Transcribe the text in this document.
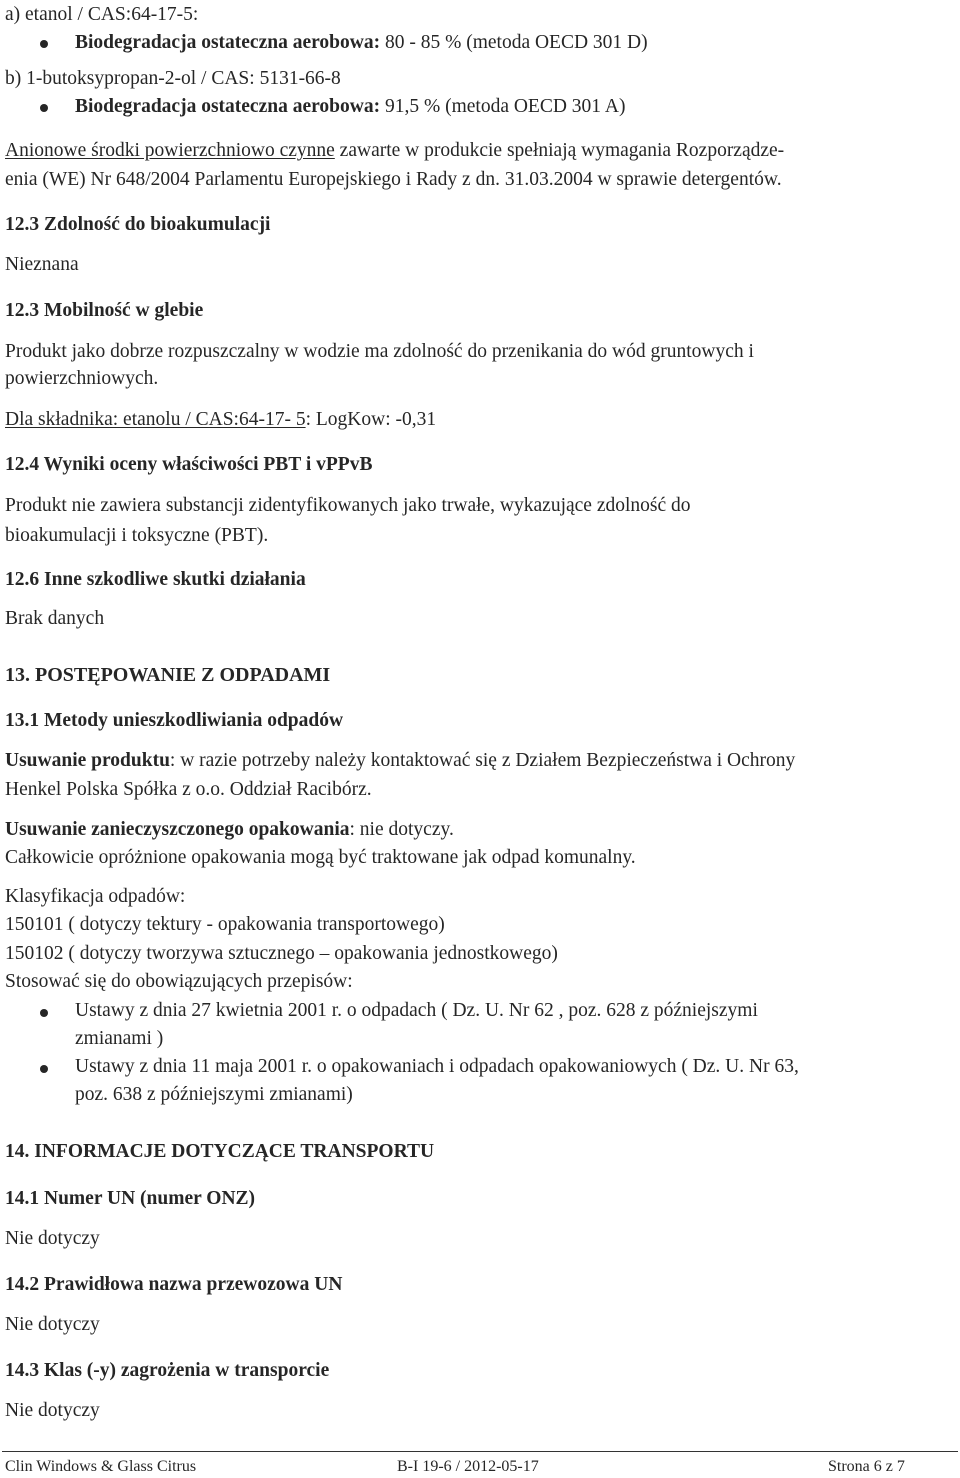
a) etanol / CAS:64-17-5:
Biodegradacja ostateczna aerobowa: 80 - 85 % (metoda OECD 301 D)
b) 1-butoksypropan-2-ol / CAS: 5131-66-8
Biodegradacja ostateczna aerobowa: 91,5 % (metoda OECD 301 A)
Anionowe środki powierzchniowo czynne zawarte w produkcie spełniają wymagania Rozporządze-
enia (WE) Nr 648/2004 Parlamentu Europejskiego i Rady z dn. 31.03.2004 w sprawie detergentów.
12.3 Zdolność do bioakumulacji
Nieznana
12.3 Mobilność w glebie
Produkt jako dobrze rozpuszczalny w wodzie ma zdolność do przenikania do wód gruntowych i
powierzchniowych.
Dla składnika: etanolu / CAS:64-17- 5: LogKow: -0,31
12.4 Wyniki oceny właściwości PBT i vPPvB
Produkt nie zawiera substancji zidentyfikowanych jako trwałe, wykazujące zdolność do
bioakumulacji i toksyczne (PBT).
12.6 Inne szkodliwe skutki działania
Brak danych
13. POSTĘPOWANIE Z ODPADAMI
13.1 Metody unieszkodliwiania odpadów
Usuwanie produktu: w razie potrzeby należy kontaktować się z Działem Bezpieczeństwa i Ochrony
Henkel Polska Spółka z o.o. Oddział Racibórz.
Usuwanie zanieczyszczonego opakowania: nie dotyczy.
Całkowicie opróżnione opakowania mogą być traktowane jak odpad komunalny.
Klasyfikacja odpadów:
150101 ( dotyczy tektury - opakowania transportowego)
150102 ( dotyczy tworzywa sztucznego – opakowania jednostkowego)
Stosować się do obowiązujących przepisów:
Ustawy z dnia 27 kwietnia 2001 r. o odpadach ( Dz. U. Nr 62 , poz. 628 z późniejszymi
zmianami )
Ustawy z dnia 11 maja 2001 r. o opakowaniach i odpadach opakowaniowych ( Dz. U. Nr 63,
poz. 638 z późniejszymi zmianami)
14. INFORMACJE DOTYCZĄCE TRANSPORTU
14.1 Numer UN (numer ONZ)
Nie dotyczy
14.2 Prawidłowa nazwa przewozowa UN
Nie dotyczy
14.3 Klas (-y) zagrożenia w transporcie
Nie dotyczy
Clin Windows & Glass Citrus	B-I 19-6 / 2012-05-17	Strona 6 z 7
